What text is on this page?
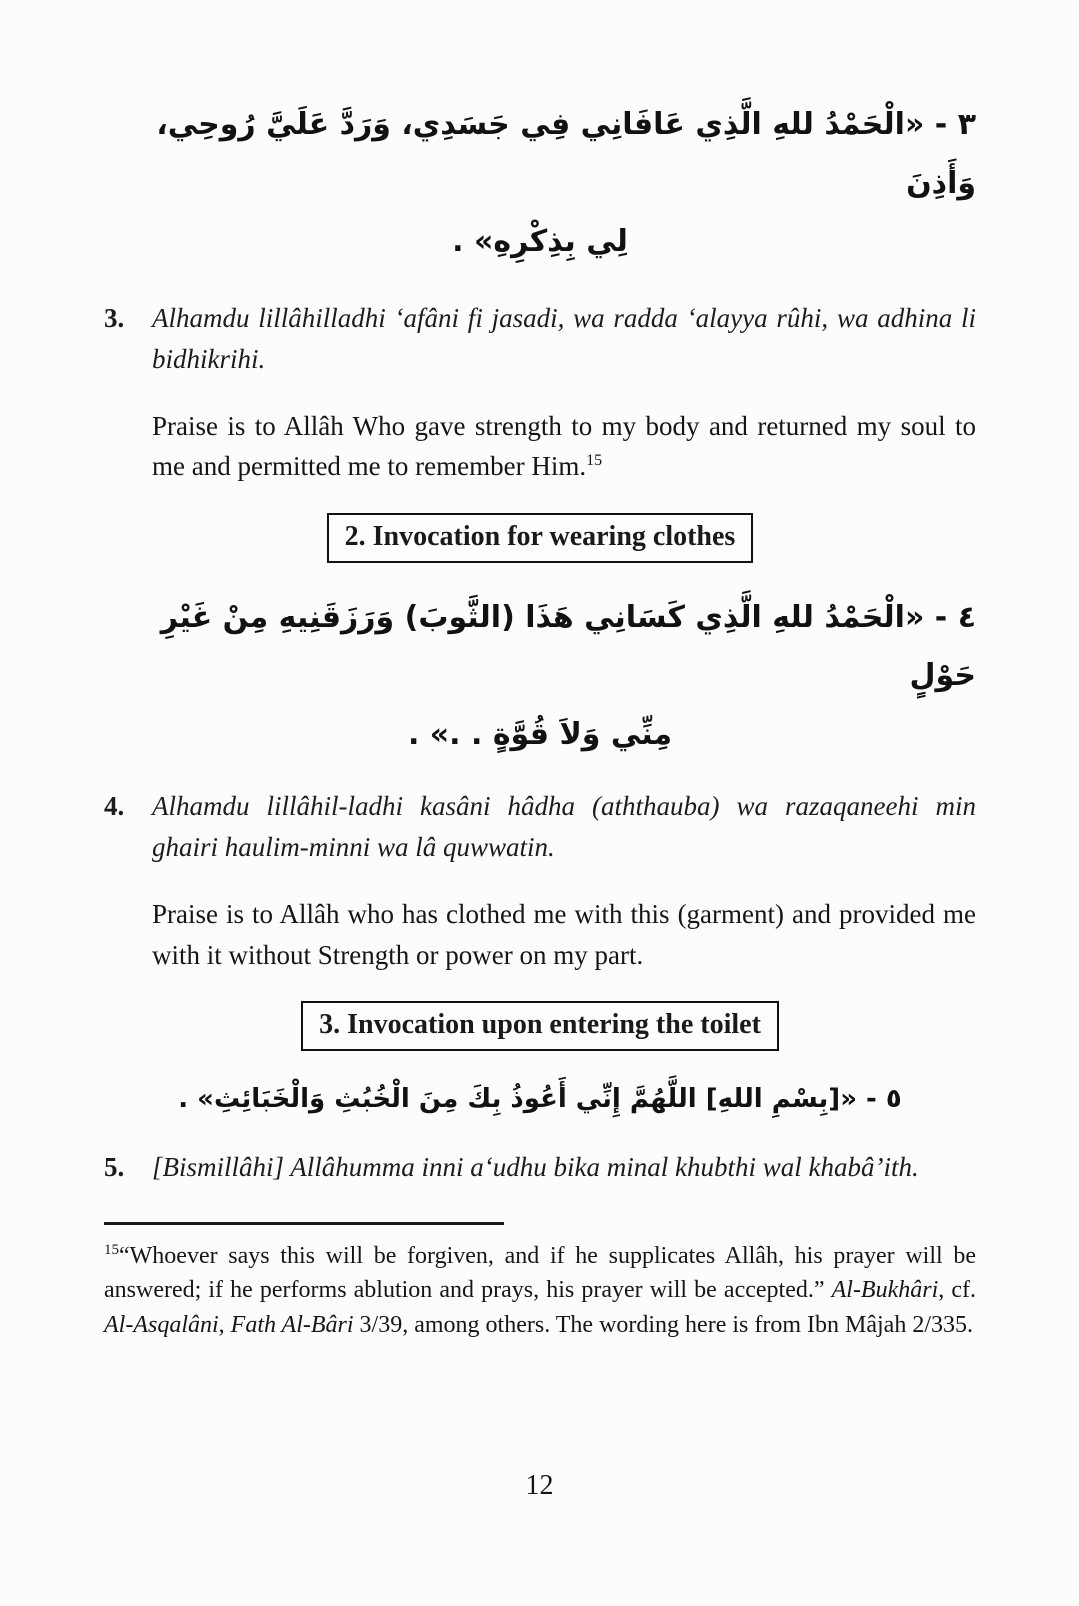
٣ - «الْحَمْدُ للهِ الَّذِي عَافَانِي فِي جَسَدِي، وَرَدَّ عَلَيَّ رُوحِي، وَأَذِنَ
لِي بِذِكْرِهِ» .
3. Alhamdu lillâhilladhi ‘afâni fi jasadi, wa radda ‘alayya rûhi, wa adhina li bidhikrihi.
Praise is to Allâh Who gave strength to my body and returned my soul to me and permitted me to remember Him.$^{15}$
2. Invocation for wearing clothes
٤ - «الْحَمْدُ للهِ الَّذِي كَسَانِي هَذَا (الثَّوبَ) وَرَزَقَنِيهِ مِنْ غَيْرِ حَوْلٍ
مِنِّي وَلاَ قُوَّةٍ . .» .
4. Alhamdu lillâhil-ladhi kasâni hâdha (aththauba) wa razaqaneehi min ghairi haulim-minni wa lâ quwwatin.
Praise is to Allâh who has clothed me with this (garment) and provided me with it without Strength or power on my part.
3. Invocation upon entering the toilet
٥ - «[بِسْمِ اللهِ] اللَّهُمَّ إِنِّي أَعُوذُ بِكَ مِنَ الْخُبُثِ وَالْخَبَائِثِ» .
5. [Bismillâhi] Allâhumma inni a‘udhu bika minal khubthi wal khabâ’ith.
$^{15}$“Whoever says this will be forgiven, and if he supplicates Allâh, his prayer will be answered; if he performs ablution and prays, his prayer will be accepted.” Al-Bukhâri, cf. Al-Asqalâni, Fath Al-Bâri 3/39, among others. The wording here is from Ibn Mâjah 2/335.
12
